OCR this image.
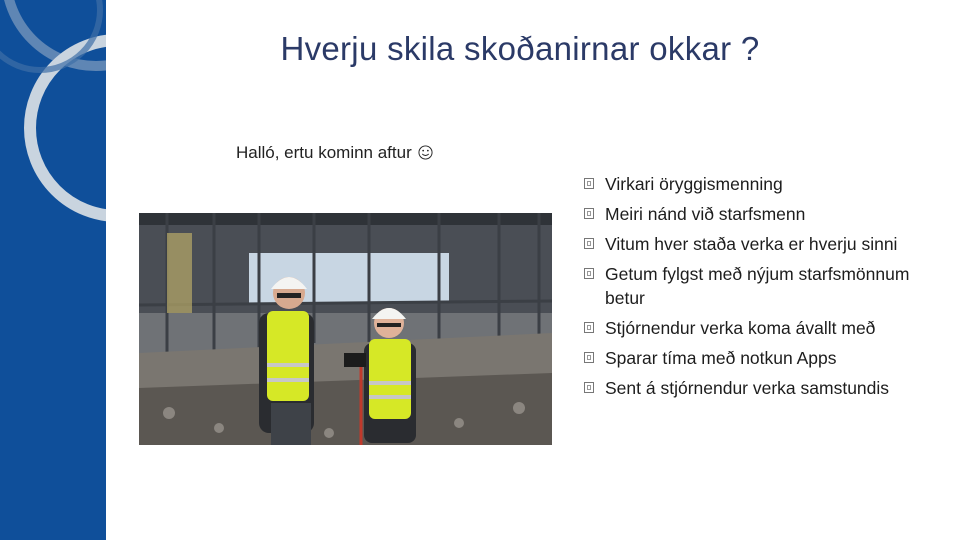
Hverju skila skoðanirnar okkar ?
Halló, ertu kominn aftur
Virkari öryggismenning
Meiri nánd við starfsmenn
Vitum hver staða verka er hverju sinni
Getum fylgst með nýjum starfsmönnum betur
Stjórnendur verka koma ávallt með
Sparar tíma með notkun Apps
Sent á stjórnendur verka samstundis
